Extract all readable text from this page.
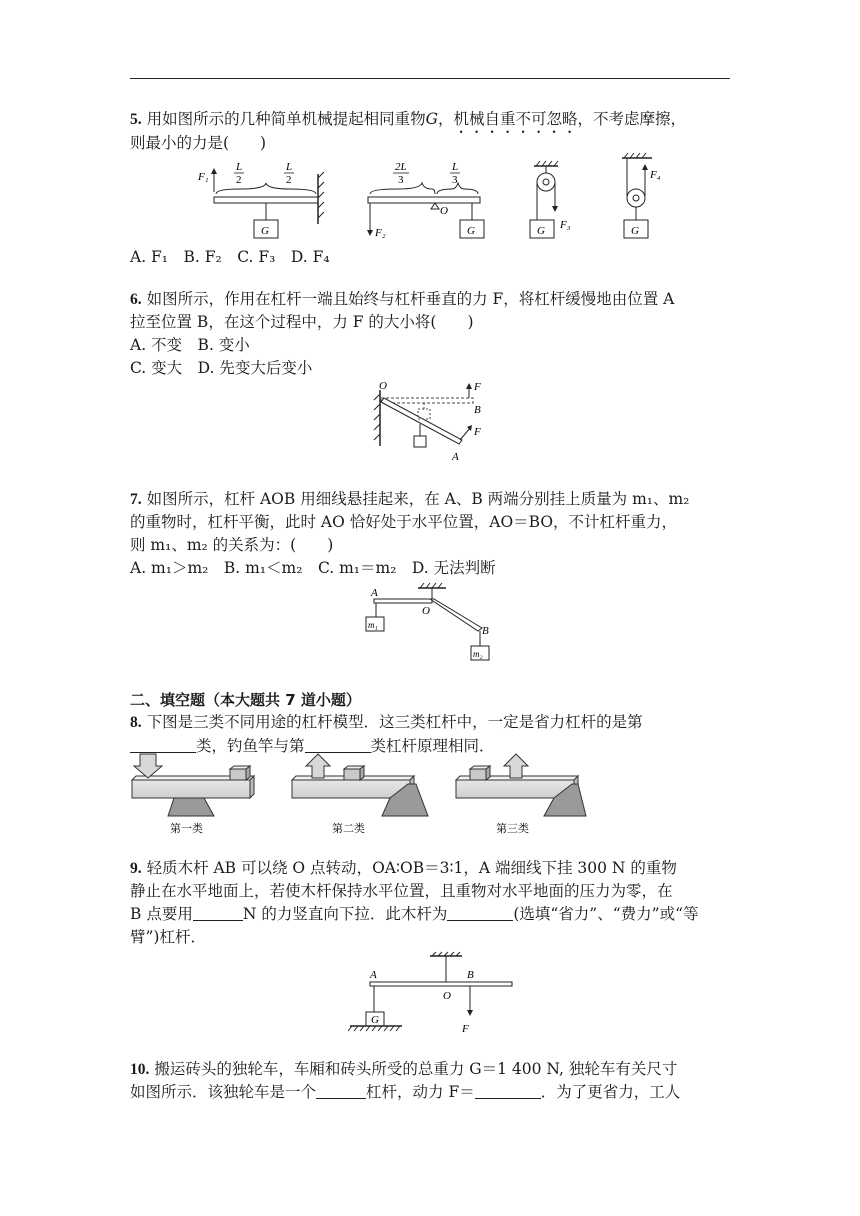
5. 用如图所示的几种简单机械提起相同重物G，机械自重不可忽略，不考虑摩擦，
则最小的力是(　　)
F₁
L
2
L
2
G	F₂
O
2L
3
L
3
G	F₃
G
F₄
G
A. F₁　B. F₂　C. F₃　D. F₄
6. 如图所示，作用在杠杆一端且始终与杠杆垂直的力 F，将杠杆缓慢地由位置 A
拉至位置 B，在这个过程中，力 F 的大小将(　　)
A. 不变　B. 变小
C. 变大　D. 先变大后变小
O	F
B
F
A
7. 如图所示，杠杆 AOB 用细线悬挂起来，在 A、B 两端分别挂上质量为 m₁、m₂
的重物时，杠杆平衡，此时 AO 恰好处于水平位置，AO＝BO，不计杠杆重力，
则 m₁、m₂ 的关系为：(　　)
A. m₁＞m₂　B. m₁＜m₂　C. m₁＝m₂　D. 无法判断
A
O
B
m₁
m₂
二、填空题（本大题共 7 道小题）
8. 下图是三类不同用途的杠杆模型．这三类杠杆中，一定是省力杠杆的是第
类，钓鱼竿与第	类杠杆原理相同．
第一类	第二类	第三类
9. 轻质木杆 AB 可以绕 O 点转动，OA∶OB＝3∶1，A 端细线下挂 300 N 的重物
静止在水平地面上，若使木杆保持水平位置，且重物对水平地面的压力为零，在
B 点要用	N 的力竖直向下拉．此木杆为	(选填“省力”、“费力”或“等
臂”)杠杆．
A
O
B
G
F
10. 搬运砖头的独轮车，车厢和砖头所受的总重力 G＝1 400 N, 独轮车有关尺寸
如图所示．该独轮车是一个	杠杆，动力 F＝	．为了更省力，工人
